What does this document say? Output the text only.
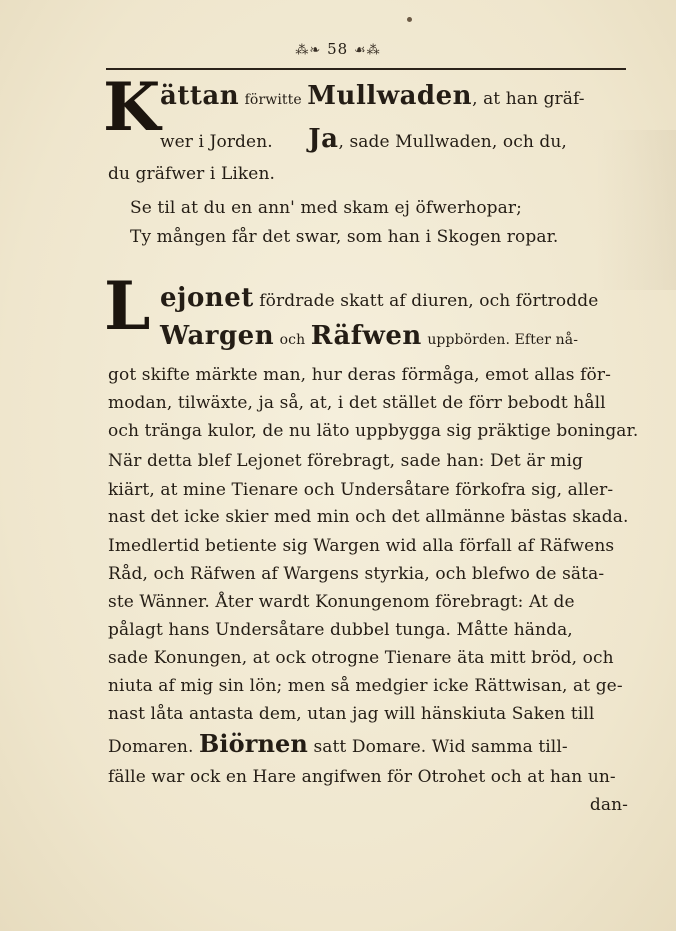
⁂❧ 58 ☙⁂
K ättan förwitte Mullwaden, at han gräf-
wer i Jorden. Ja, sade Mullwaden, och du,
du gräfwer i Liken.
Se til at du en ann' med skam ej öfwerhopar;
Ty mången får det swar, som han i Skogen ropar.
L ejonet fördrade skatt af diuren, och förtrodde
Wargen och Räfwen uppbörden. Efter nå-
got skifte märkte man, hur deras förmåga, emot allas för-
modan, tilwäxte, ja så, at, i det stället de förr bebodt håll
och tränga kulor, de nu läto uppbygga sig präktige boningar.
När detta blef Lejonet förebragt, sade han: Det är mig
kiärt, at mine Tienare och Undersåtare förkofra sig, aller-
nast det icke skier med min och det allmänne bästas skada.
Imedlertid betiente sig Wargen wid alla förfall af Räfwens
Råd, och Räfwen af Wargens styrkia, och blefwo de säta-
ste Wänner. Åter wardt Konungenom förebragt: At de
pålagt hans Undersåtare dubbel tunga. Måtte hända,
sade Konungen, at ock otrogne Tienare äta mitt bröd, och
niuta af mig sin lön; men så medgier icke Rättwisan, at ge-
nast låta antasta dem, utan jag will hänskiuta Saken till
Domaren. Biörnen satt Domare. Wid samma till-
fälle war ock en Hare angifwen för Otrohet och at han un-
dan-
